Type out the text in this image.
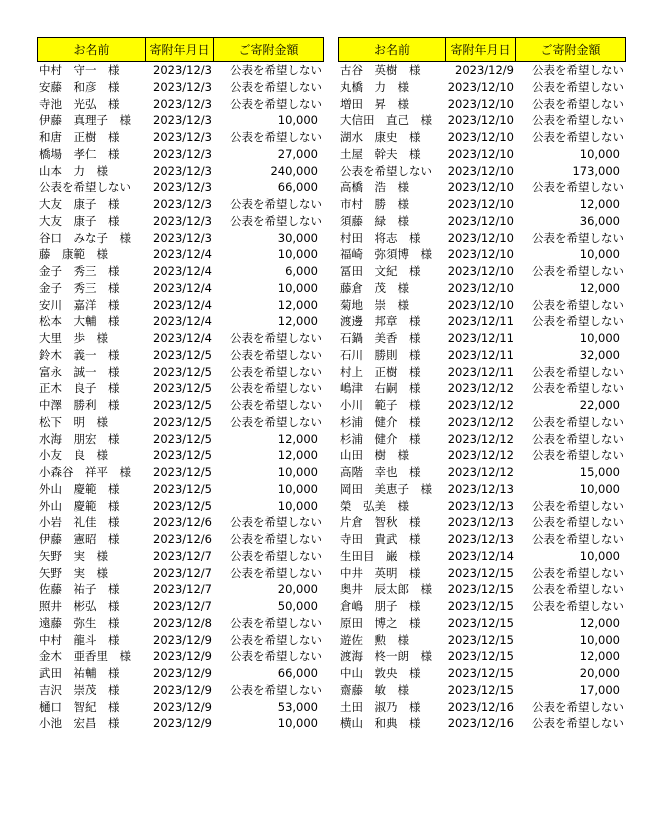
お名前	寄附年月日	ご寄附金額
中村　守一　様	2023/12/3	公表を希望しない
安藤　和彦　様	2023/12/3	公表を希望しない
寺池　光弘　様	2023/12/3	公表を希望しない
伊藤　真理子　様	2023/12/3	10,000
和唐　正樹　様	2023/12/3	公表を希望しない
橋場　孝仁　様	2023/12/3	27,000
山本　力　様	2023/12/3	240,000
公表を希望しない	2023/12/3	66,000
大友　康子　様	2023/12/3	公表を希望しない
大友　康子　様	2023/12/3	公表を希望しない
谷口　みな子　様	2023/12/3	30,000
藤　康範　様	2023/12/4	10,000
金子　秀三　様	2023/12/4	6,000
金子　秀三　様	2023/12/4	10,000
安川　嘉洋　様	2023/12/4	12,000
松本　大輔　様	2023/12/4	12,000
大里　歩　様	2023/12/4	公表を希望しない
鈴木　義一　様	2023/12/5	公表を希望しない
富永　誠一　様	2023/12/5	公表を希望しない
正木　良子　様	2023/12/5	公表を希望しない
中澤　勝利　様	2023/12/5	公表を希望しない
松下　明　様	2023/12/5	公表を希望しない
水海　朋宏　様	2023/12/5	12,000
小友　良　様	2023/12/5	12,000
小森谷　祥平　様	2023/12/5	10,000
外山　慶範　様	2023/12/5	10,000
外山　慶範　様	2023/12/5	10,000
小岩　礼佳　様	2023/12/6	公表を希望しない
伊藤　憲昭　様	2023/12/6	公表を希望しない
矢野　実　様	2023/12/7	公表を希望しない
矢野　実　様	2023/12/7	公表を希望しない
佐藤　祐子　様	2023/12/7	20,000
照井　彬弘　様	2023/12/7	50,000
遠藤　弥生　様	2023/12/8	公表を希望しない
中村　龍斗　様	2023/12/9	公表を希望しない
金木　亜香里　様	2023/12/9	公表を希望しない
武田　祐輔　様	2023/12/9	66,000
吉沢　崇茂　様	2023/12/9	公表を希望しない
樋口　智紀　様	2023/12/9	53,000
小池　宏昌　様	2023/12/9	10,000
お名前	寄附年月日	ご寄附金額
古谷　英樹　様	2023/12/9	公表を希望しない
丸橋　力　様	2023/12/10	公表を希望しない
増田　昇　様	2023/12/10	公表を希望しない
大信田　直己　様	2023/12/10	公表を希望しない
湖水　康史　様	2023/12/10	公表を希望しない
土屋　幹夫　様	2023/12/10	10,000
公表を希望しない	2023/12/10	173,000
高橋　浩　様	2023/12/10	公表を希望しない
市村　勝　様	2023/12/10	12,000
須藤　緑　様	2023/12/10	36,000
村田　将志　様	2023/12/10	公表を希望しない
福崎　弥須博　様	2023/12/10	10,000
冨田　文紀　様	2023/12/10	公表を希望しない
藤倉　茂　様	2023/12/10	12,000
菊地　崇　様	2023/12/10	公表を希望しない
渡邊　邦章　様	2023/12/11	公表を希望しない
石鍋　美香　様	2023/12/11	10,000
石川　勝則　様	2023/12/11	32,000
村上　正樹　様	2023/12/11	公表を希望しない
嶋津　右嗣　様	2023/12/12	公表を希望しない
小川　範子　様	2023/12/12	22,000
杉浦　健介　様	2023/12/12	公表を希望しない
杉浦　健介　様	2023/12/12	公表を希望しない
山田　樹　様	2023/12/12	公表を希望しない
高階　幸也　様	2023/12/12	15,000
岡田　美恵子　様	2023/12/13	10,000
榮　弘美　様	2023/12/13	公表を希望しない
片倉　智秋　様	2023/12/13	公表を希望しない
寺田　貴武　様	2023/12/13	公表を希望しない
生田目　巌　様	2023/12/14	10,000
中井　英明　様	2023/12/15	公表を希望しない
奥井　辰太郎　様	2023/12/15	公表を希望しない
倉嶋　朋子　様	2023/12/15	公表を希望しない
原田　博之　様	2023/12/15	12,000
遊佐　勲　様	2023/12/15	10,000
渡海　柊一朗　様	2023/12/15	12,000
中山　敦央　様	2023/12/15	20,000
齋藤　敏　様	2023/12/15	17,000
土田　淑乃　様	2023/12/16	公表を希望しない
横山　和典　様	2023/12/16	公表を希望しない
